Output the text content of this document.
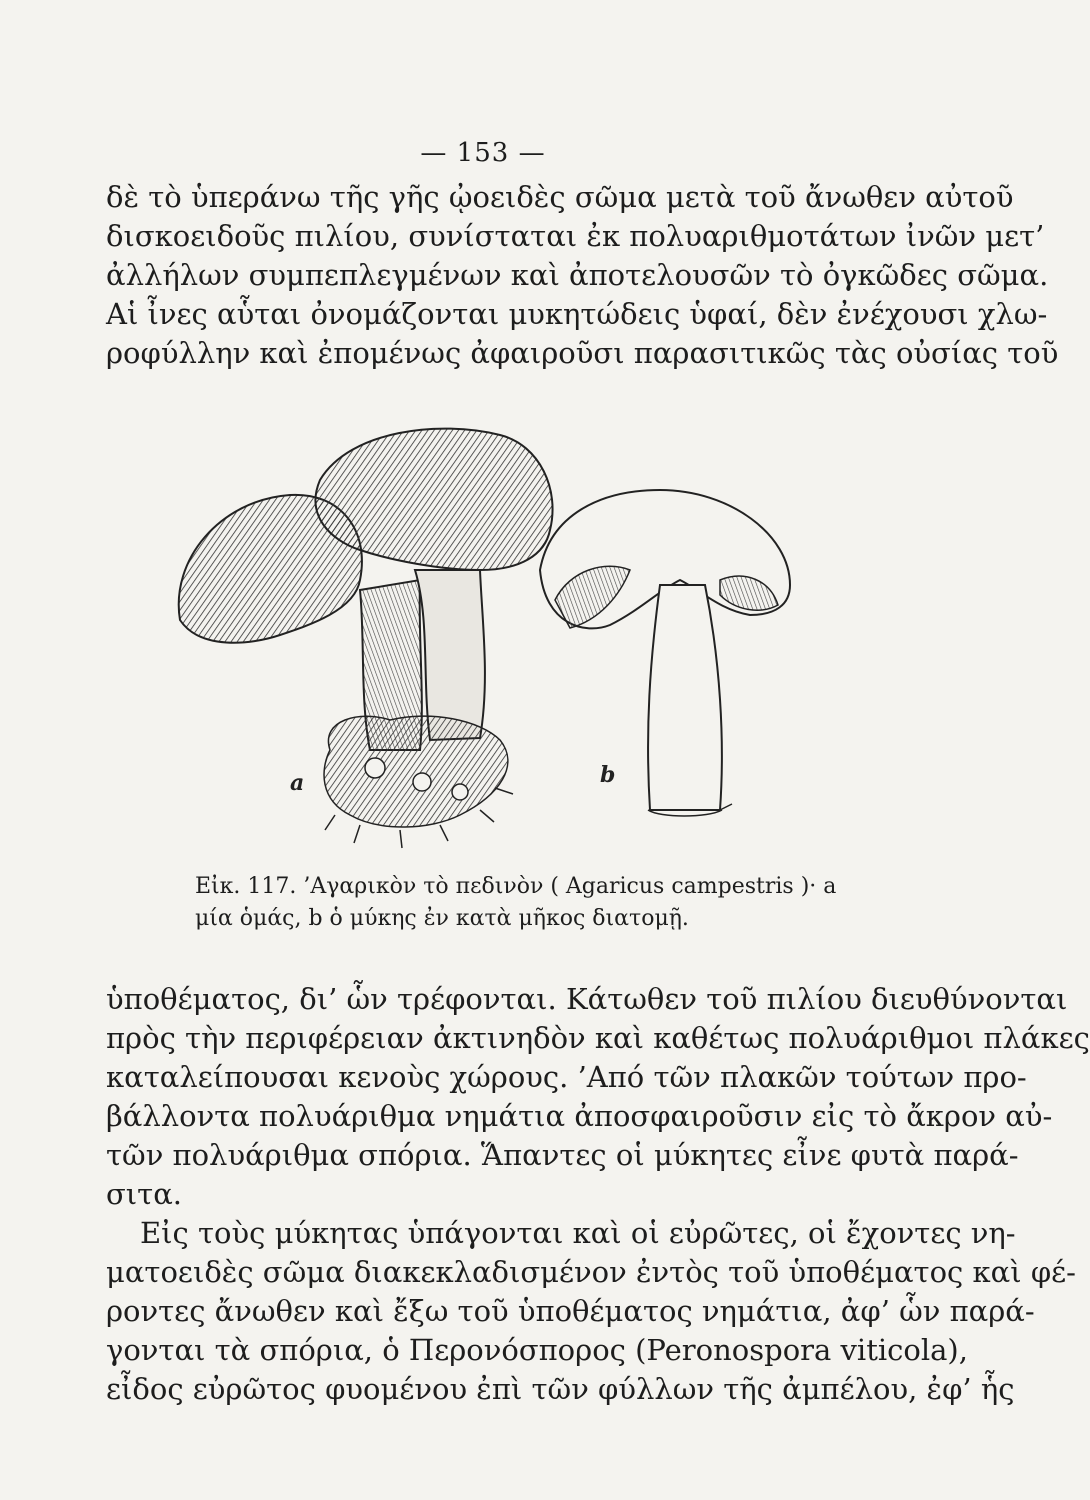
— 153 —
δὲ τὸ ὑπεράνω τῆς γῆς ᾠοειδὲς σῶμα μετὰ τοῦ ἄνωθεν αὐτοῦ
δισκοειδοῦς πιλίου, συνίσταται ἐκ πολυαριθμοτάτων ἰνῶν μετ’
ἀλλήλων συμπεπλεγμένων καὶ ἀποτελουσῶν τὸ ὀγκῶδες σῶμα.
Αἱ ἶνες αὗται ὀνομάζονται μυκητώδεις ὑφαί, δὲν ἐνέχουσι χλω-
ροφύλλην καὶ ἐπομένως ἀφαιροῦσι παρασιτικῶς τὰς οὐσίας τοῦ
a	b
Εἰκ. 117. ’Αγαρικὸν τὸ πεδινὸν ( Agaricus campestris )· a
μία ὁμάς, b ὁ μύκης ἐν κατὰ μῆκος διατομῇ.
ὑποθέματος, δι’ ὧν τρέφονται. Κάτωθεν τοῦ πιλίου διευθύνονται
πρὸς τὴν περιφέρειαν ἀκτινηδὸν καὶ καθέτως πολυάριθμοι πλάκες
καταλείπουσαι κενοὺς χώρους. ’Από τῶν πλακῶν τούτων προ-
βάλλοντα πολυάριθμα νημάτια ἀποσφαιροῦσιν εἰς τὸ ἄκρον αὐ-
τῶν πολυάριθμα σπόρια. Ἅπαντες οἱ μύκητες εἶνε φυτὰ παρά-
σιτα.
Εἰς τοὺς μύκητας ὑπάγονται καὶ οἱ εὐρῶτες, οἱ ἔχοντες νη-
ματοειδὲς σῶμα διακεκλαδισμένον ἐντὸς τοῦ ὑποθέματος καὶ φέ-
ροντες ἄνωθεν καὶ ἔξω τοῦ ὑποθέματος νημάτια, ἀφ’ ὧν παρά-
γονται τὰ σπόρια, ὁ Περονόσπορος (Peronospora viticola),
εἶδος εὐρῶτος φυομένου ἐπὶ τῶν φύλλων τῆς ἀμπέλου, ἐφ’ ἧς
